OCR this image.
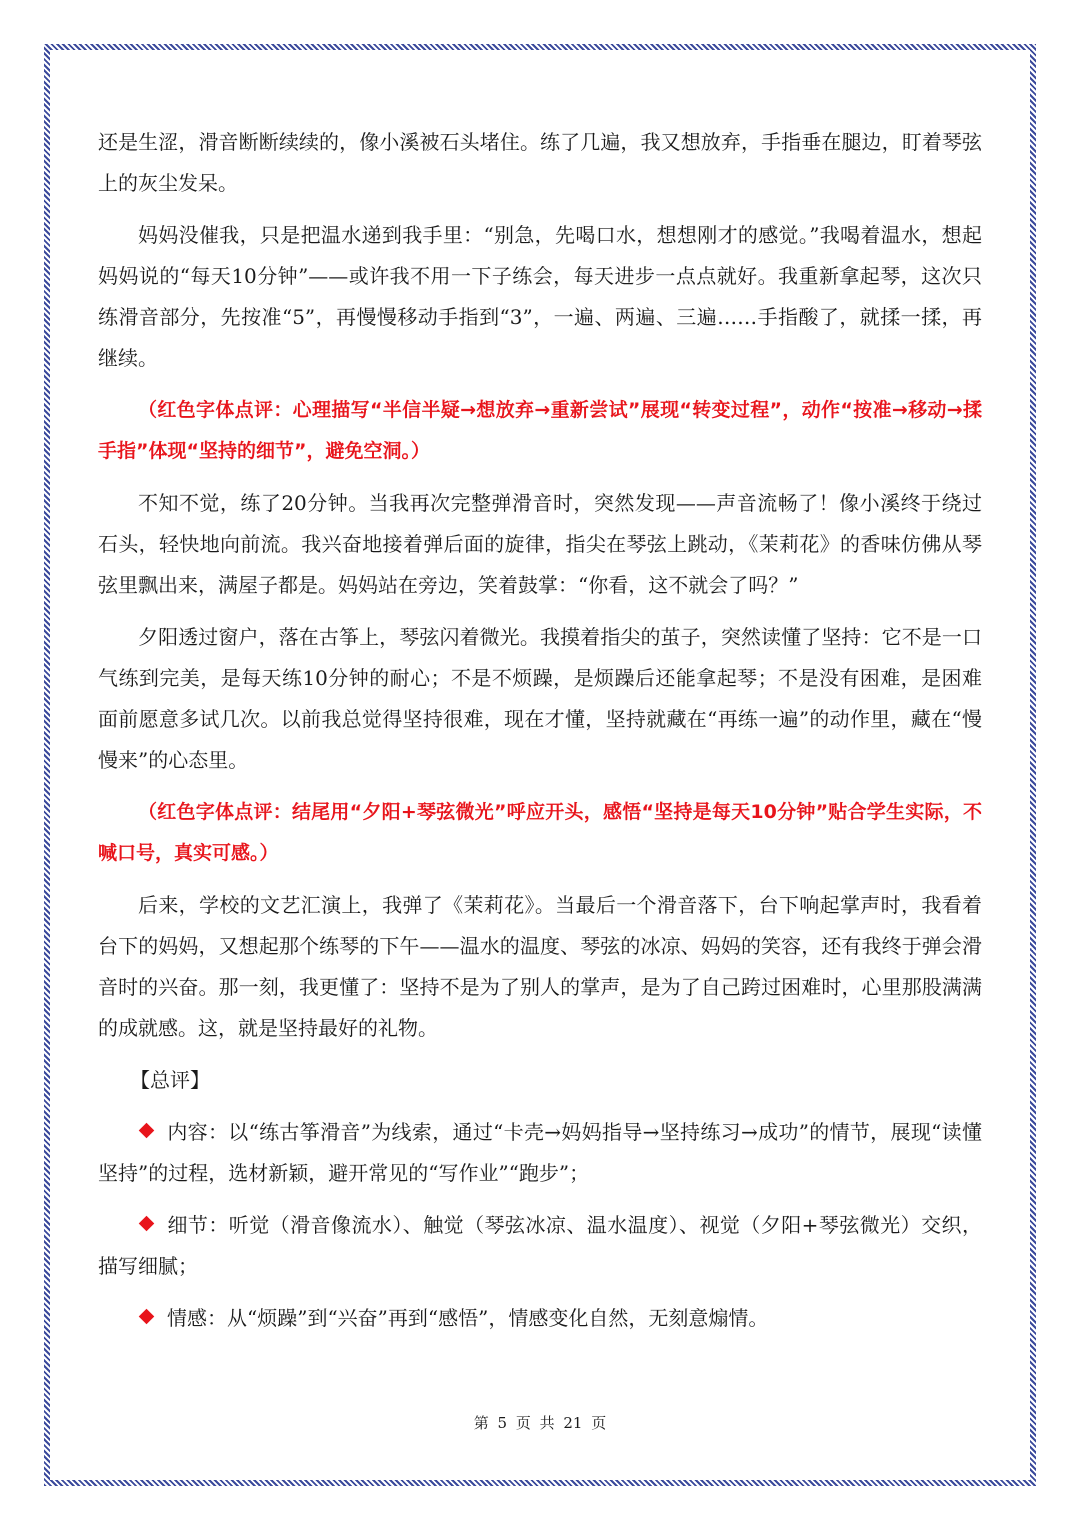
还是生涩，滑音断断续续的，像小溪被石头堵住。练了几遍，我又想放弃，手指垂在腿边，盯着琴弦上的灰尘发呆。

妈妈没催我，只是把温水递到我手里：“别急，先喝口水，想想刚才的感觉。”我喝着温水，想起妈妈说的“每天10分钟”——或许我不用一下子练会，每天进步一点点就好。我重新拿起琴，这次只练滑音部分，先按准“5”，再慢慢移动手指到“3”，一遍、两遍、三遍……手指酸了，就揉一揉，再继续。

（红色字体点评：心理描写“半信半疑→想放弃→重新尝试”展现“转变过程”，动作“按准→移动→揉手指”体现“坚持的细节”，避免空洞。）

不知不觉，练了20分钟。当我再次完整弹滑音时，突然发现——声音流畅了！像小溪终于绕过石头，轻快地向前流。我兴奋地接着弹后面的旋律，指尖在琴弦上跳动，《茉莉花》的香味仿佛从琴弦里飘出来，满屋子都是。妈妈站在旁边，笑着鼓掌：“你看，这不就会了吗？”

夕阳透过窗户，落在古筝上，琴弦闪着微光。我摸着指尖的茧子，突然读懂了坚持：它不是一口气练到完美，是每天练10分钟的耐心；不是不烦躁，是烦躁后还能拿起琴；不是没有困难，是困难面前愿意多试几次。以前我总觉得坚持很难，现在才懂，坚持就藏在“再练一遍”的动作里，藏在“慢慢来”的心态里。

（红色字体点评：结尾用“夕阳+琴弦微光”呼应开头，感悟“坚持是每天10分钟”贴合学生实际，不喊口号，真实可感。）

后来，学校的文艺汇演上，我弹了《茉莉花》。当最后一个滑音落下，台下响起掌声时，我看着台下的妈妈，又想起那个练琴的下午——温水的温度、琴弦的冰凉、妈妈的笑容，还有我终于弹会滑音时的兴奋。那一刻，我更懂了：坚持不是为了别人的掌声，是为了自己跨过困难时，心里那股满满的成就感。这，就是坚持最好的礼物。

【总评】

内容：以“练古筝滑音”为线索，通过“卡壳→妈妈指导→坚持练习→成功”的情节，展现“读懂坚持”的过程，选材新颖，避开常见的“写作业”“跑步”；

细节：听觉（滑音像流水）、触觉（琴弦冰凉、温水温度）、视觉（夕阳+琴弦微光）交织，描写细腻；

情感：从“烦躁”到“兴奋”再到“感悟”，情感变化自然，无刻意煽情。

第 5 页 共 21 页
